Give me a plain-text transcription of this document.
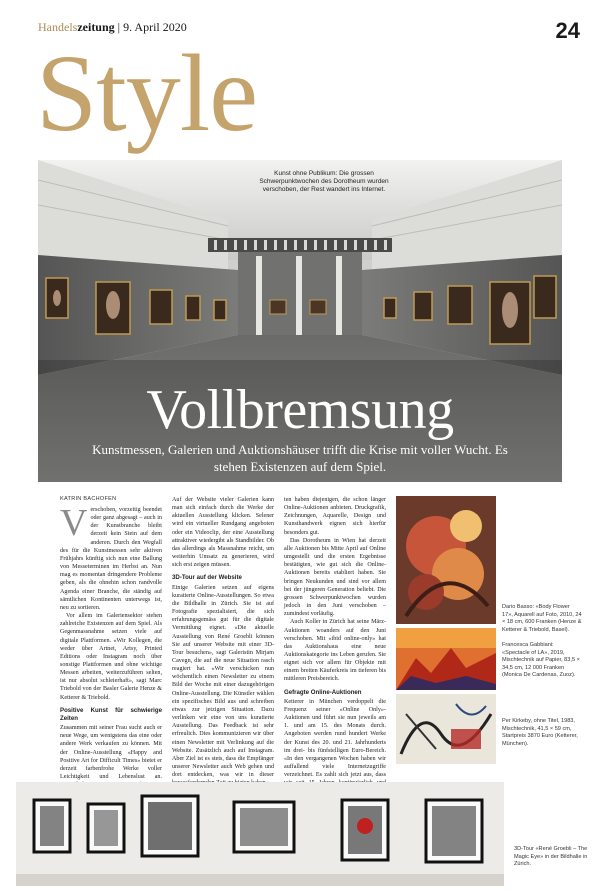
Handelszeitung | 9. April 2020	24
Style
Kunst ohne Publikum: Die grossen Schwerpunktwochen des Dorotheum wurden verschoben, der Rest wandert ins Internet.
Vollbremsung
Kunstmessen, Galerien und Auktionshäuser trifft die Krise mit voller Wucht. Es stehen Existenzen auf dem Spiel.
KATRIN BACHOFEN
V erschoben, vorzeitig beendet oder ganz abgesagt – auch in der Kunstbranche bleibt derzeit kein Stein auf dem anderen. Durch den Wegfall des für die Kunstmessen sehr aktiven Frühjahrs künftig sich nun eine Ballung von Messeterminen im Herbst an. Nun mag es momentan dringendere Probleme geben, als die ohnehin schon randvolle Agenda einer Branche, die ständig auf sämtlichen Kontinenten unterwegs ist, neu zu sortieren.

Vor allem im Galeriensektor stehen zahlreiche Existenzen auf dem Spiel. Als Gegenmassnahme setzen viele auf digitale Plattformen. «Wir Kollegen, die weder über Artnet, Artsy, Printed Editions oder Instagram noch über sonstige Plattformen und ohne wichtige Messen arbeiten, weiterzuführen selten, ist nur absolut schleierhaft», sagt Marc Triebold von der Basler Galerie Henze & Ketterer & Triebold.

Positive Kunst für schwierige Zeiten

Zusammen mit seiner Frau sucht auch er neue Wege, um wenigstens das eine oder andere Werk verkaufen zu können. Mit der Online-Ausstellung «Happy and Positive Art for Difficult Times» bietet er derzeit farbenfrohe Werke voller Leichtigkeit und Lebenslust an.

Auf der Website vieler Galerien kann man sich einfach durch die Werke der aktuellen Ausstellung klicken. Selener wird ein virtueller Rundgang angeboten oder ein Videoclip, der eine Ausstellung attraktiver wiedergibt als Standbilder. Ob das allerdings als Massnahme reicht, um weiterhin Umsatz zu generieren, wird sich erst zeigen müssen.

3D-Tour auf der Website

Einige Galerien setzen auf eigens kuratierte Online-Ausstellungen. So etwa die Bildhalle in Zürich. Sie ist auf Fotografie spezialisiert, die sich erfahrungsgemäss gut für die digitale Vermittlung eignet. «Die aktuelle Ausstellung von René Groebli können Sie auf unserer Website mit einer 3D-Tour besuchen», sagt Galeristin Mirjam Cavegn, die auf die neue Situation rasch reagiert hat. «Wir verschicken nun wöchentlich einen Newsletter zu einem Bild der Woche mit einer dazugehörigen Online-Ausstellung. Die Künstler wählen ein spezifisches Bild aus und schreiben etwas zur jetzigen Situation. Dazu verlinken wir eine von uns kuratierte Ausstellung. Das Feedback ist sehr erfreulich. Dies kommunizieren wir über einen Newsletter mit Verlinkung auf die Website. Zusätzlich auch auf Instagram. Aber Ziel ist es stets, dass die Empfänger unserer Newsletter auch Web gehen und dort entdecken, was wir in dieser

ten haben diejenigen, die schon länger Online-Auktionen anbieten. Druckgrafik, Zeichnungen, Aquarelle, Design und Kunsthandwerk eignen sich hierfür besonders gut.

Das Dorotheum in Wien hat derzeit alle Auktionen bis Mitte April auf Online umgestellt und die ersten Ergebnisse bestätigten, wie gut sich die Online-Auktionen bereits etabliert haben. Sie bringen Neukunden und sind vor allem bei der jüngeren Generation beliebt. Die grossen Schwerpunktwochen wurden jedoch in den Juni verschoben – zumindest vorläufig.

Auch Koller in Zürich hat seine März-Auktionen woanders auf den Juni verschoben. Mit «ibid online-only» hat das Auktionshaus eine neue Auktionskategorie ins Leben gerufen. Sie eignet sich vor allem für Objekte mit einem breiten Käuferkreis im tieferen bis mittleren Preisbereich.

Gefragte Online-Auktionen

Ketterer in München verdoppelt die Frequenz seiner «Online Only»-Auktionen und führt sie nun jeweils am 1. und am 15. des Monats durch. Angeboten werden rund hundert Werke der Kunst des 20. und 21. Jahrhunderts im drei- bis fünfstelligen Euro-Bereich. «In den vergangenen Wochen haben wir auffallend viele Internetzugriffe verzeichnet. Es zahlt sich jetzt aus, dass

Dario Basso: «Body Flower 17», Aquarell auf Foto, 2010, 24 × 18 cm, 600 Franken (Henze & Ketterer & Triebold, Basel).
Francesca Gabbiani: «Spectacle of LA», 2019, Mischtechnik auf Papier, 83,5 × 34,5 cm, 12 000 Franken (Monica De Cardenas, Zuoz).
Per Kirkeby, ohne Titel, 1983, Mischtechnik, 41,5 × 59 cm, Startpreis 3870 Euro (Ketterer, München).
3D-Tour «René Groebli – The Magic Eye» in der Bildhalle in Zürich.
